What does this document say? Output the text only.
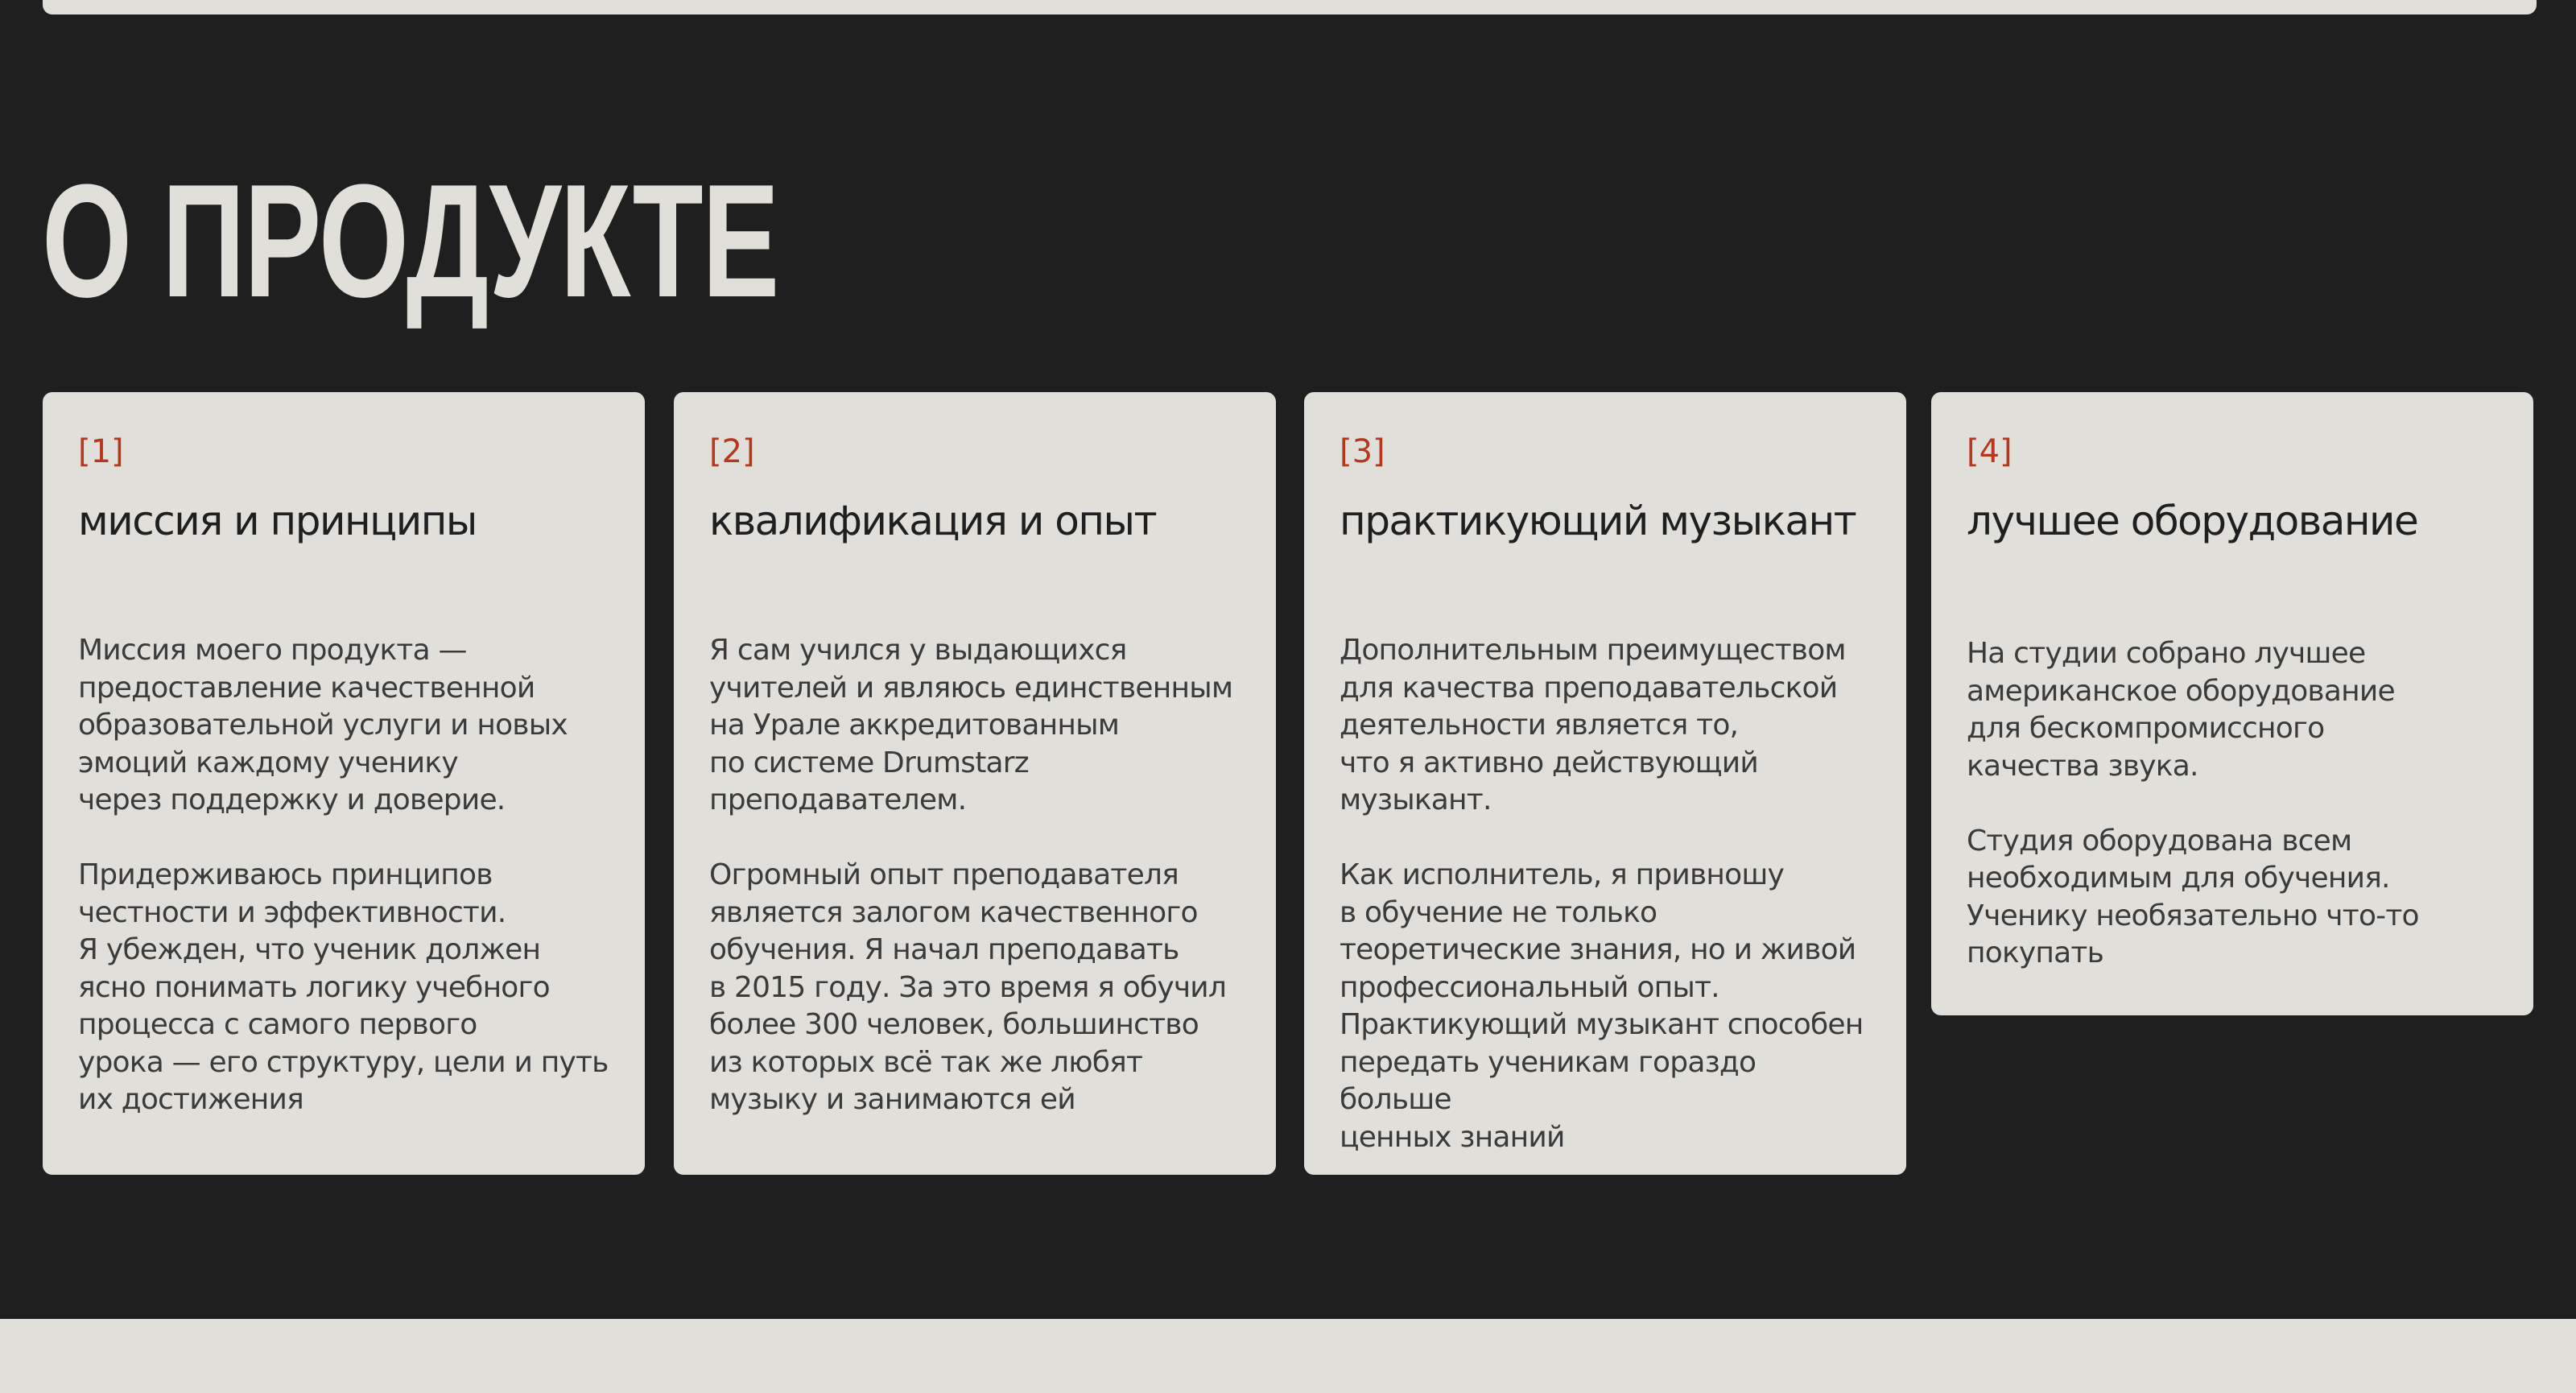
О ПРОДУКТЕ

[1]

миссия и принципы

Миссия моего продукта —
предоставление качественной
образовательной услуги и новых
эмоций каждому ученику
через поддержку и доверие.

Придерживаюсь принципов
честности и эффективности.
Я убежден, что ученик должен
ясно понимать логику учебного
процесса с самого первого
урока — его структуру, цели и путь
их достижения

[2]

квалификация и опыт

Я сам учился у выдающихся
учителей и являюсь единственным
на Урале аккредитованным
по системе Drumstarz
преподавателем.

Огромный опыт преподавателя
является залогом качественного
обучения. Я начал преподавать
в 2015 году. За это время я обучил
более 300 человек, большинство
из которых всё так же любят
музыку и занимаются ей

[3]

практикующий музыкант

Дополнительным преимуществом
для качества преподавательской
деятельности является то,
что я активно действующий
музыкант.

Как исполнитель, я привношу
в обучение не только
теоретические знания, но и живой
профессиональный опыт.
Практикующий музыкант способен
передать ученикам гораздо больше
ценных знаний

[4]

лучшее оборудование

На студии собрано лучшее
американское оборудование
для бескомпромиссного
качества звука.

Студия оборудована всем
необходимым для обучения.
Ученику необязательно что-то
покупать
